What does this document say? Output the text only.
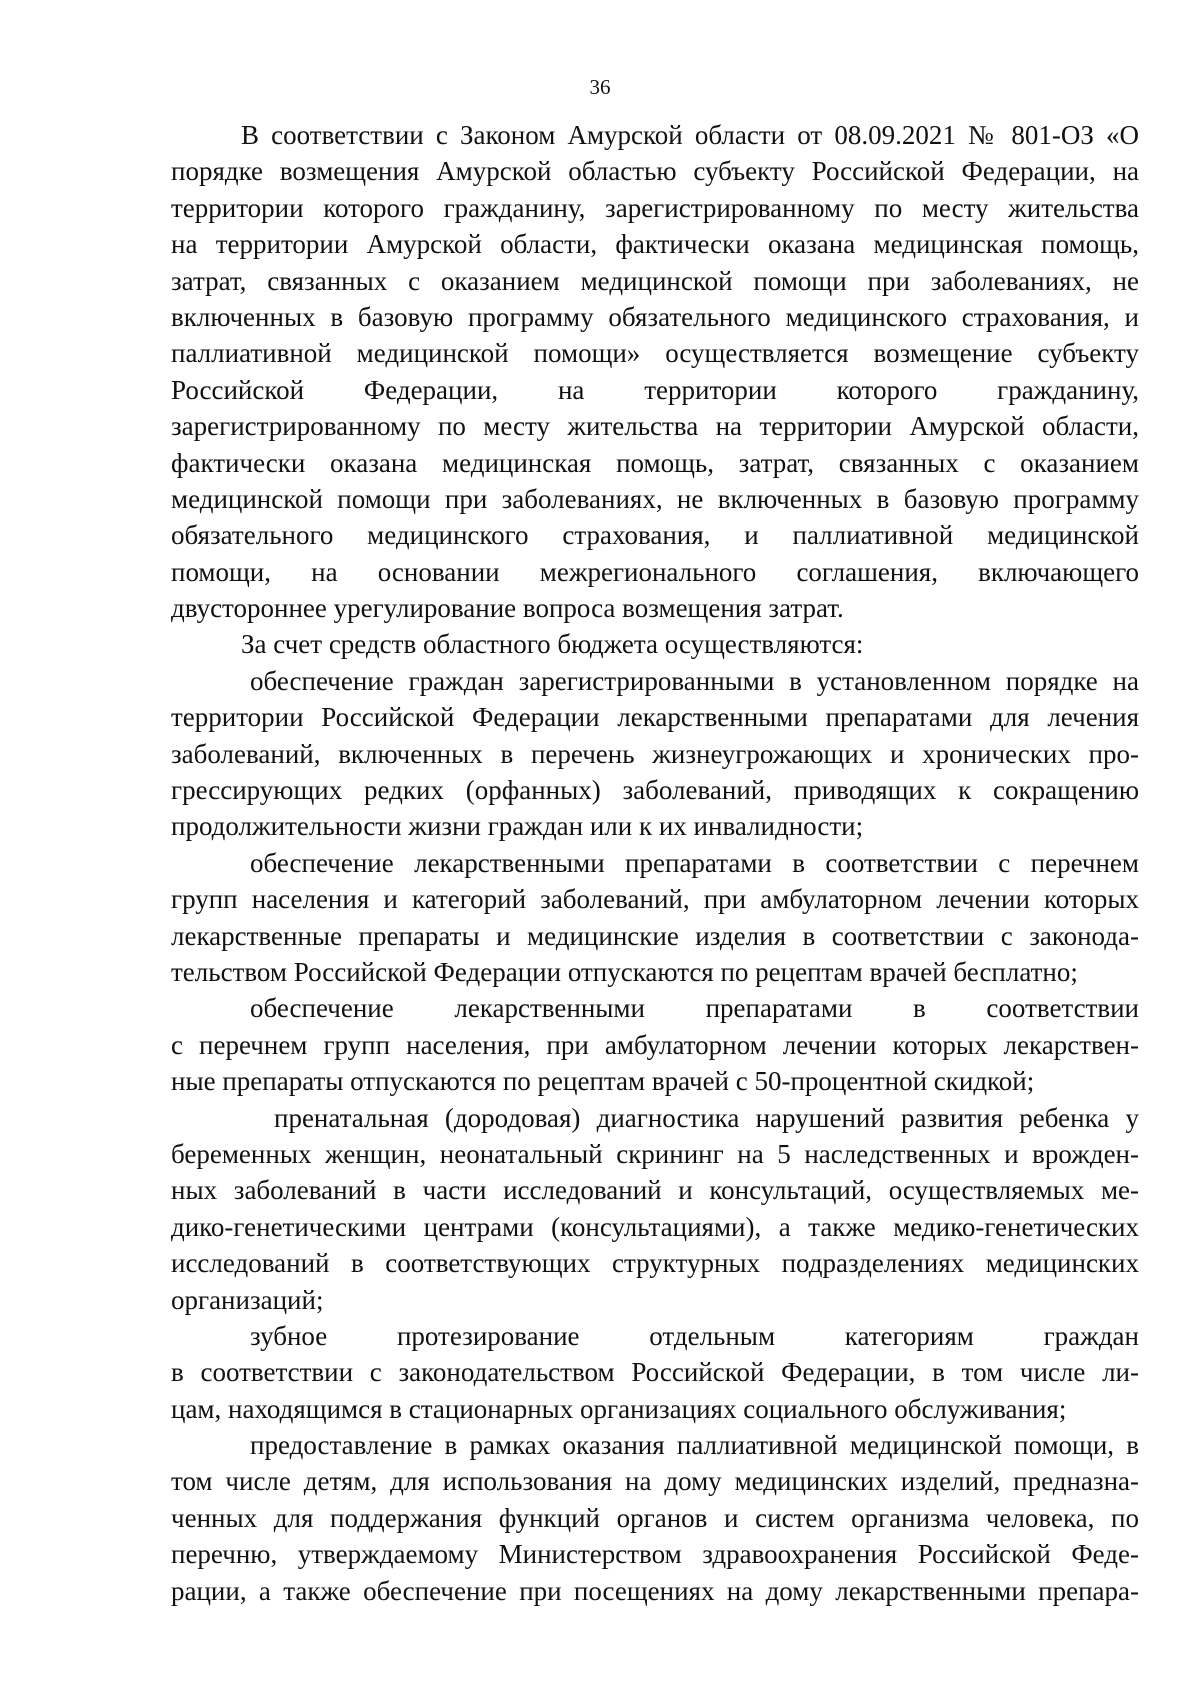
36
В соответствии с Законом Амурской области от 08.09.2021 № 801-ОЗ «О
порядке возмещения Амурской областью субъекту Российской Федерации, на
территории которого гражданину, зарегистрированному по месту жительства
на территории Амурской области, фактически оказана медицинская помощь,
затрат, связанных с оказанием медицинской помощи при заболеваниях, не
включенных в базовую программу обязательного медицинского страхования, и
паллиативной медицинской помощи» осуществляется возмещение субъекту
Российской Федерации, на территории которого гражданину,
зарегистрированному по месту жительства на территории Амурской области,
фактически оказана медицинская помощь, затрат, связанных с оказанием
медицинской помощи при заболеваниях, не включенных в базовую программу
обязательного медицинского страхования, и паллиативной медицинской
помощи, на основании межрегионального соглашения, включающего
двустороннее урегулирование вопроса возмещения затрат.
За счет средств областного бюджета осуществляются:
обеспечение граждан зарегистрированными в установленном порядке на
территории Российской Федерации лекарственными препаратами для лечения
заболеваний, включенных в перечень жизнеугрожающих и хронических про-
грессирующих редких (орфанных) заболеваний, приводящих к сокращению
продолжительности жизни граждан или к их инвалидности;
обеспечение лекарственными препаратами в соответствии с перечнем
групп населения и категорий заболеваний, при амбулаторном лечении которых
лекарственные препараты и медицинские изделия в соответствии с законода-
тельством Российской Федерации отпускаются по рецептам врачей бесплатно;
обеспечение лекарственными препаратами в соответствии
с перечнем групп населения, при амбулаторном лечении которых лекарствен-
ные препараты отпускаются по рецептам врачей с 50-процентной скидкой;
пренатальная (дородовая) диагностика нарушений развития ребенка у
беременных женщин, неонатальный скрининг на 5 наследственных и врожден-
ных заболеваний в части исследований и консультаций, осуществляемых ме-
дико-генетическими центрами (консультациями), а также медико-генетических
исследований в соответствующих структурных подразделениях медицинских
организаций;
зубное протезирование отдельным категориям граждан
в соответствии с законодательством Российской Федерации, в том числе ли-
цам, находящимся в стационарных организациях социального обслуживания;
предоставление в рамках оказания паллиативной медицинской помощи, в
том числе детям, для использования на дому медицинских изделий, предназна-
ченных для поддержания функций органов и систем организма человека, по
перечню, утверждаемому Министерством здравоохранения Российской Феде-
рации, а также обеспечение при посещениях на дому лекарственными препара-
